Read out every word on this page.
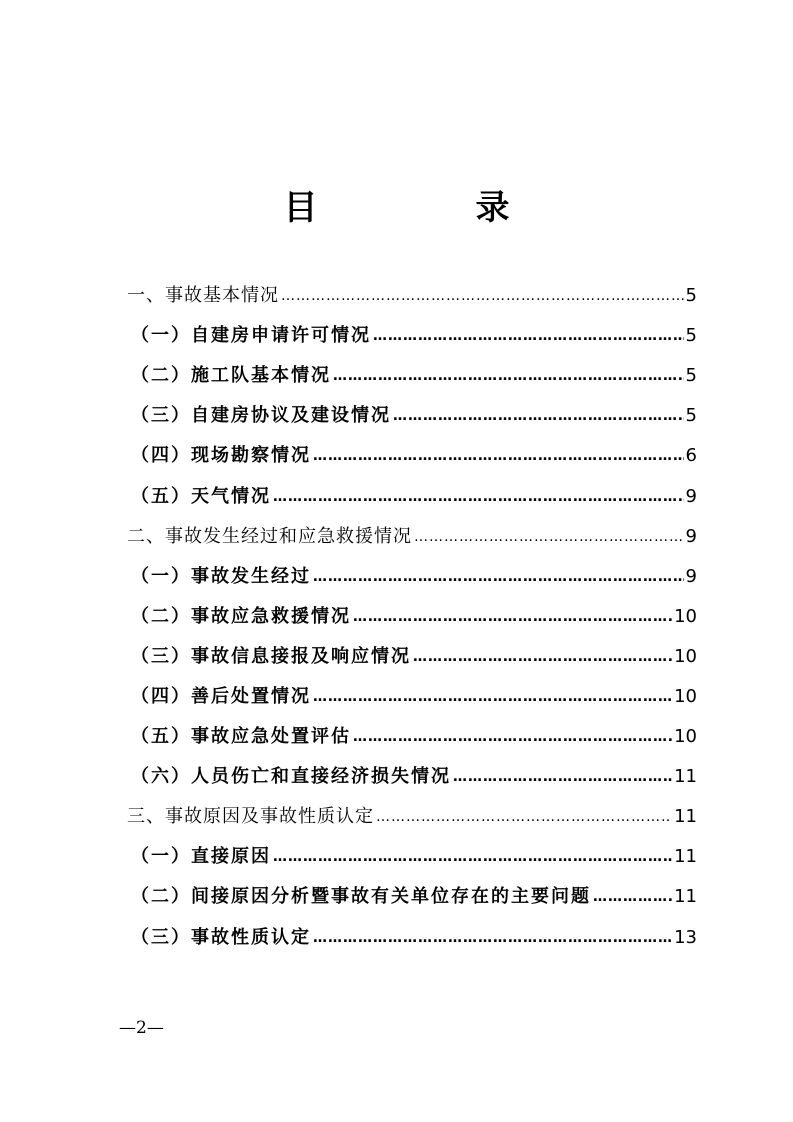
目　录
一、事故基本情况 ……………………………………………………………………………………………………………………………………	5
（一）自建房申请许可情况 ……………………………………………………………………………………………………………………………………	5
（二）施工队基本情况 ……………………………………………………………………………………………………………………………………	5
（三）自建房协议及建设情况 ……………………………………………………………………………………………………………………………………	5
（四）现场勘察情况 ……………………………………………………………………………………………………………………………………	6
（五）天气情况 ……………………………………………………………………………………………………………………………………	9
二、事故发生经过和应急救援情况 ……………………………………………………………………………………………………………………………………	9
（一）事故发生经过 ……………………………………………………………………………………………………………………………………	9
（二）事故应急救援情况 ……………………………………………………………………………………………………………………………………	10
（三）事故信息接报及响应情况 ……………………………………………………………………………………………………………………………………	10
（四）善后处置情况 ……………………………………………………………………………………………………………………………………	10
（五）事故应急处置评估 ……………………………………………………………………………………………………………………………………	10
（六）人员伤亡和直接经济损失情况 ……………………………………………………………………………………………………………………………………	11
三、事故原因及事故性质认定 ……………………………………………………………………………………………………………………………………	11
（一）直接原因 ……………………………………………………………………………………………………………………………………	11
（二）间接原因分析暨事故有关单位存在的主要问题 ……………………………………………………………………………………………………………………………………	11
（三）事故性质认定 ……………………………………………………………………………………………………………………………………	13
—2—
